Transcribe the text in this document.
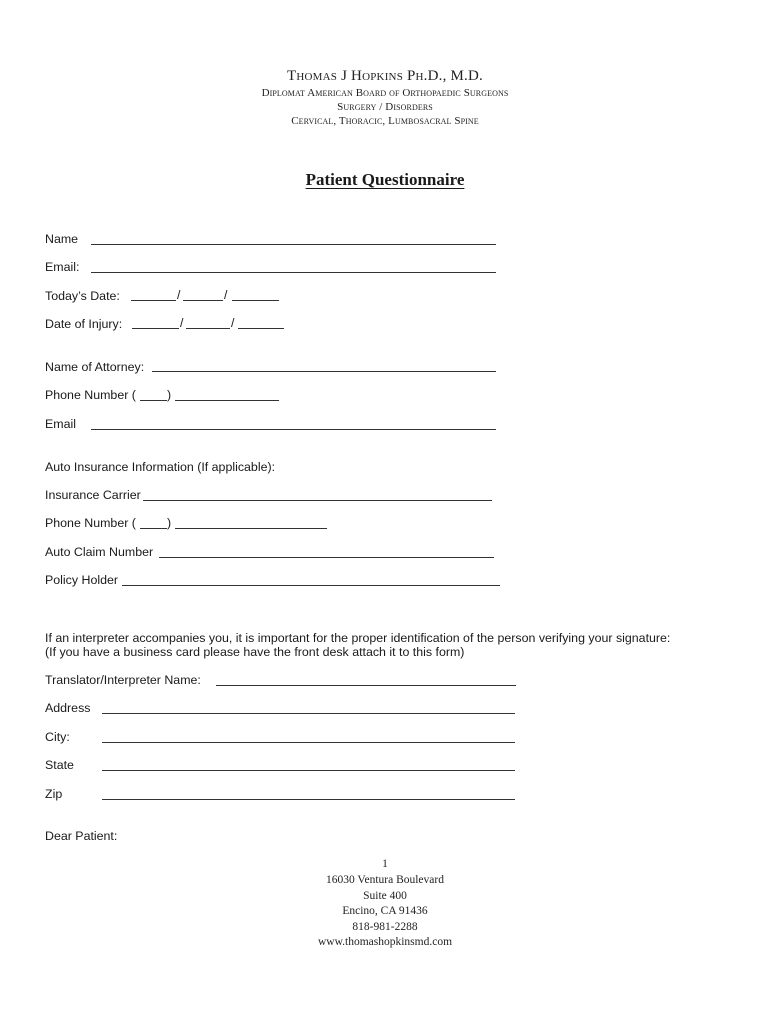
Thomas J Hopkins Ph.D., M.D.
Diplomat American Board of Orthopaedic Surgeons
Surgery / Disorders
Cervical, Thoracic, Lumbosacral Spine
Patient Questionnaire
Name
Email:
Today’s Date:	/	/
Date of Injury:	/	/
Name of Attorney:
Phone Number (	)
Email
Auto Insurance Information (If applicable):
Insurance Carrier
Phone Number (	)
Auto Claim Number
Policy Holder
If an interpreter accompanies you, it is important for the proper identification of the person verifying your signature:
(If you have a business card please have the front desk attach it to this form)
Translator/Interpreter Name:
Address
City:
State
Zip
Dear Patient:
1
16030 Ventura Boulevard
Suite 400
Encino, CA 91436
818-981-2288
www.thomashopkinsmd.com
